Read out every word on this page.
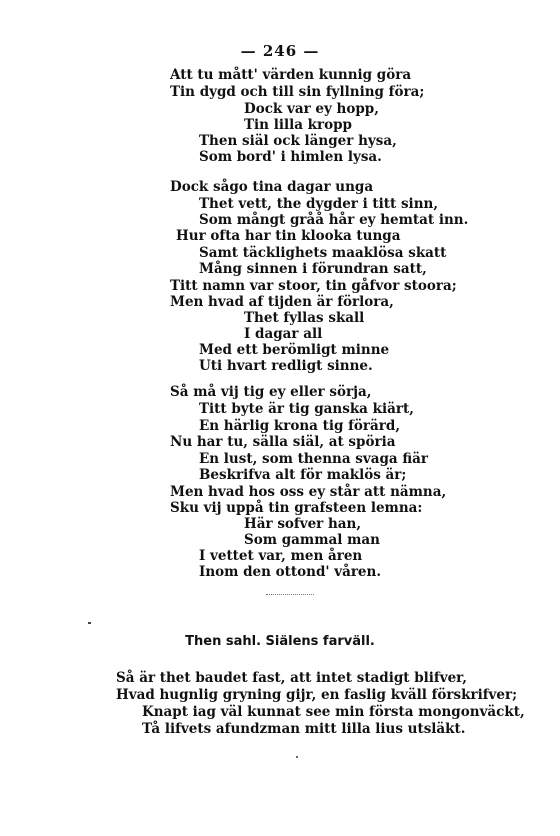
— 246 —
Att tu mått' värden kunnig göra
Tin dygd och till sin fyllning föra;
Dock var ey hopp,
Tin lilla kropp
Then siäl ock länger hysa,
Som bord' i himlen lysa.
Dock sågo tina dagar unga
Thet vett, the dygder i titt sinn,
Som mångt gråå hår ey hemtat inn.
Hur ofta har tin klooka tunga
Samt täcklighets maaklösa skatt
Mång sinnen i förundran satt,
Titt namn var stoor, tin gåfvor stoora;
Men hvad af tijden är förlora,
Thet fyllas skall
I dagar all
Med ett berömligt minne
Uti hvart redligt sinne.
Så må vij tig ey eller sörja,
Titt byte är tig ganska kiärt,
En härlig krona tig förärd,
Nu har tu, sälla siäl, at spöria
En lust, som thenna svaga fiär
Beskrifva alt för maklös är;
Men hvad hos oss ey står att nämna,
Sku vij uppå tin grafsteen lemna:
Här sofver han,
Som gammal man
I vettet var, men åren
Inom den ottond' våren.
Then sahl. Siälens farväll.
Så är thet baudet fast, att intet stadigt blifver,
Hvad hugnlig gryning gijr, en faslig kväll förskrifver;
Knapt iag väl kunnat see min första mongonväckt,
Tå lifvets afundzman mitt lilla lius utsläkt.
